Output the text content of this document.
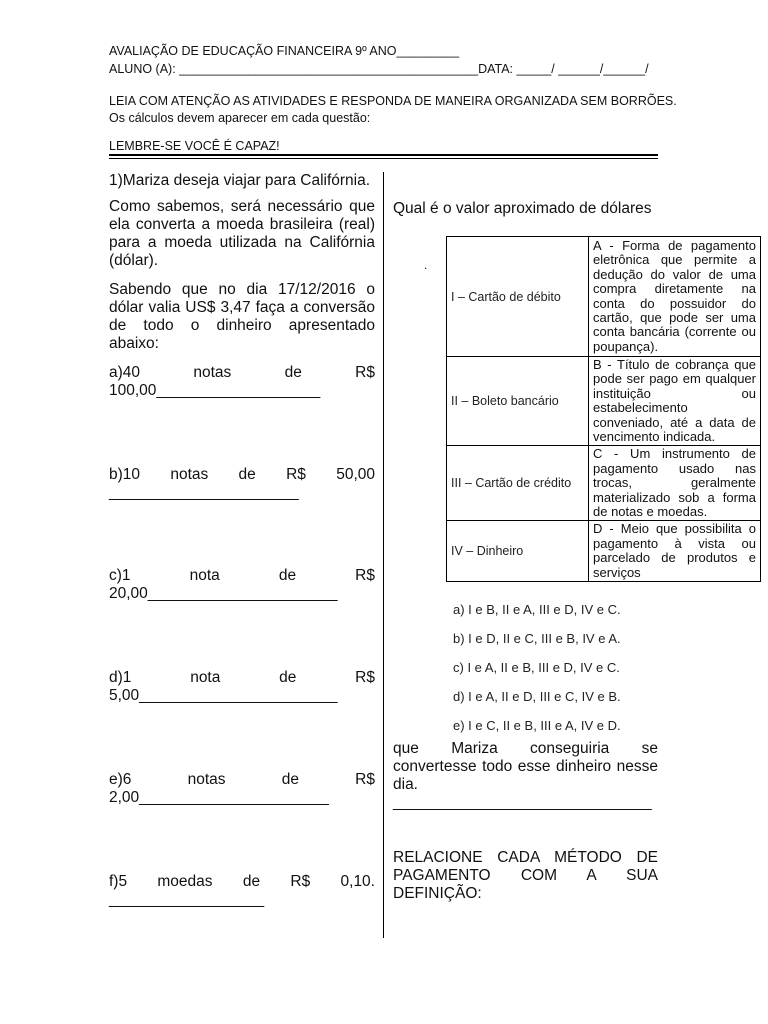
AVALIAÇÃO DE EDUCAÇÃO FINANCEIRA 9º ANO_________
ALUNO (A): ___________________________________________DATA: _____/ ______/______/
LEIA COM ATENÇÃO AS ATIVIDADES E RESPONDA DE MANEIRA ORGANIZADA SEM BORRÕES.
Os cálculos devem aparecer em cada questão:
LEMBRE-SE VOCÊ É CAPAZ!
1)Mariza deseja viajar para Califórnia.
Como sabemos, será necessário que ela converta a moeda brasileira (real) para a moeda utilizada na Califórnia (dólar).
Sabendo que no dia 17/12/2016 o dólar valia US$ 3,47 faça a conversão de todo o dinheiro apresentado abaixo:
a)40 notas de R$
100,00___________________
b)10 notas de R$ 50,00
______________________
c)1 nota de R$
20,00______________________
d)1 nota de R$
5,00_______________________
e)6 notas de R$
2,00______________________
f)5 moedas de R$ 0,10.
__________________
Qual é o valor aproximado de dólares
.
I – Cartão de débito	A - Forma de pagamento eletrônica que permite a dedução do valor de uma compra diretamente na conta do possuidor do cartão, que pode ser uma conta bancária (corrente ou poupança).
II – Boleto bancário	B - Título de cobrança que pode ser pago em qualquer instituição ou estabelecimento conveniado, até a data de vencimento indicada.
III – Cartão de crédito	C - Um instrumento de pagamento usado nas trocas, geralmente materializado sob a forma de notas e moedas.
IV – Dinheiro	D - Meio que possibilita o pagamento à vista ou parcelado de produtos e serviços
a) I e B, II e A, III e D, IV e C.
b) I e D, II e C, III e B, IV e A.
c) I e A, II e B, III e D, IV e C.
d) I e A, II e D, III e C, IV e B.
e) I e C, II e B, III e A, IV e D.
que Mariza conseguiria se convertesse todo esse dinheiro nesse dia.
______________________________
RELACIONE CADA MÉTODO DE PAGAMENTO COM A SUA DEFINIÇÃO:
